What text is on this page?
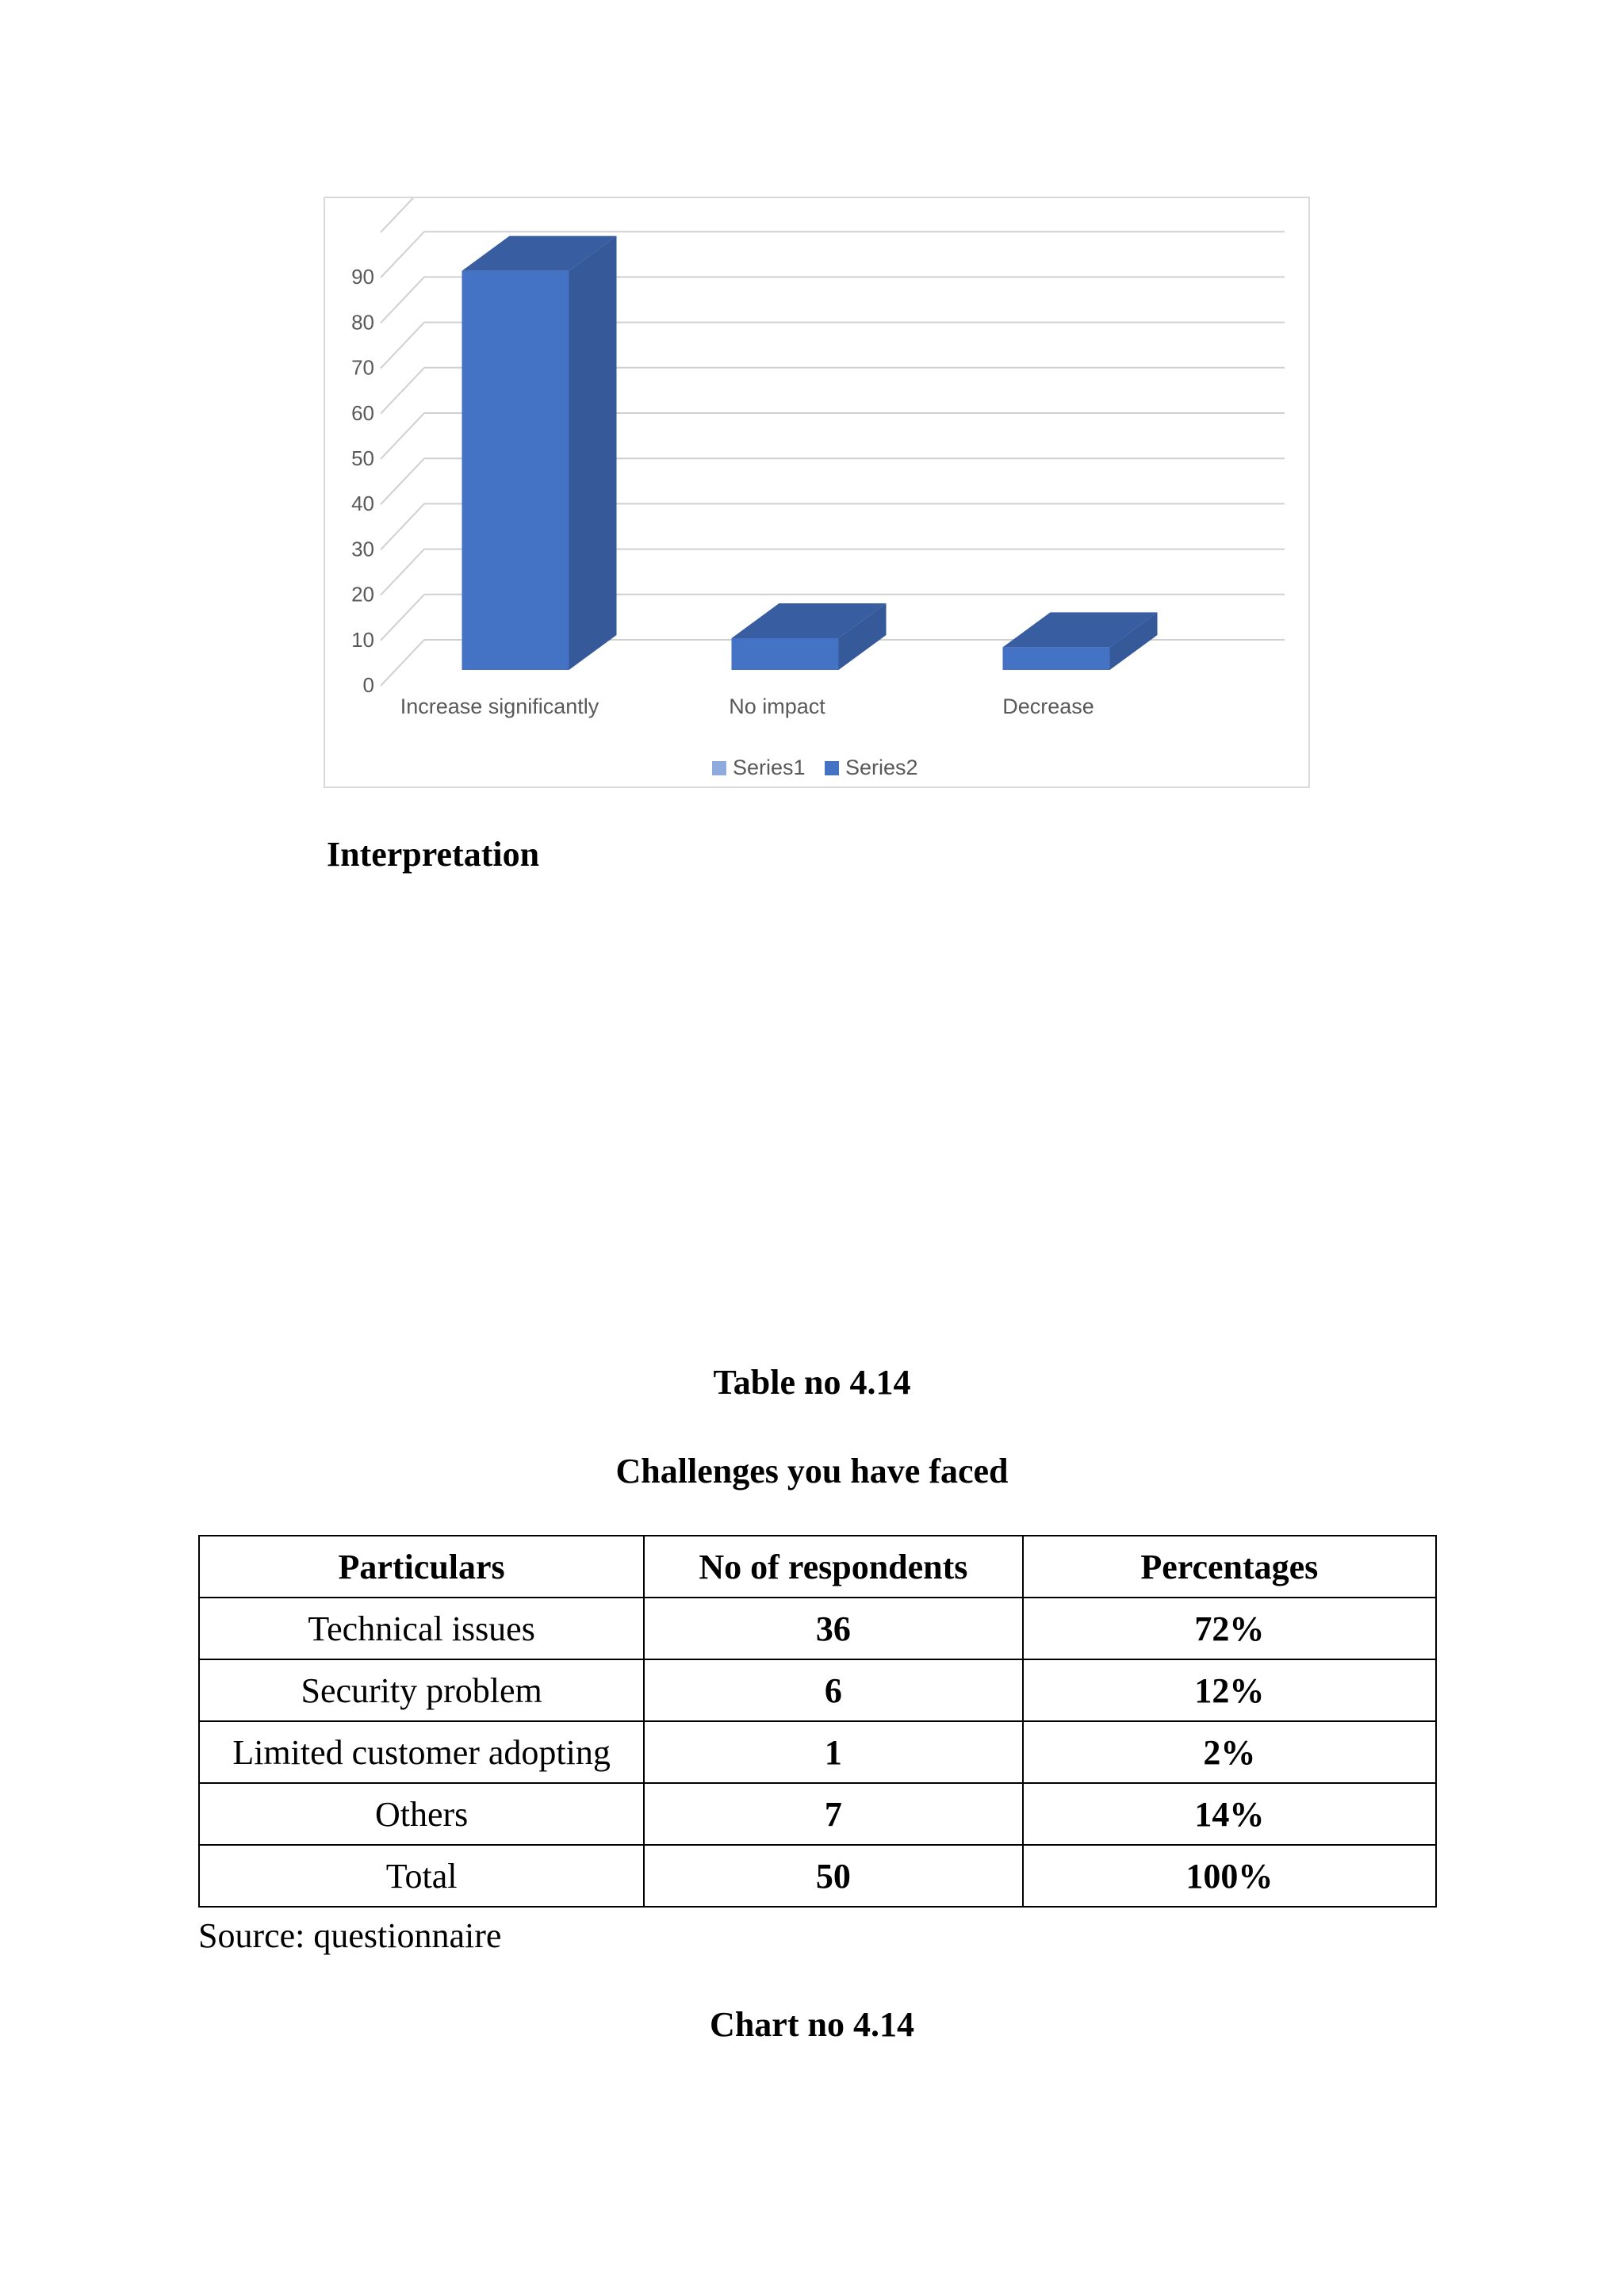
0
10
20
30
40
50
60
70
80
90
Increase significantly	No impact	Decrease
Series1 Series2
Interpretation
Table no 4.14
Challenges you have faced
Particulars	No of respondents	Percentages
Technical issues	36	72%
Security problem	6	12%
Limited customer adopting	1	2%
Others	7	14%
Total	50	100%
Source: questionnaire
Chart no 4.14
